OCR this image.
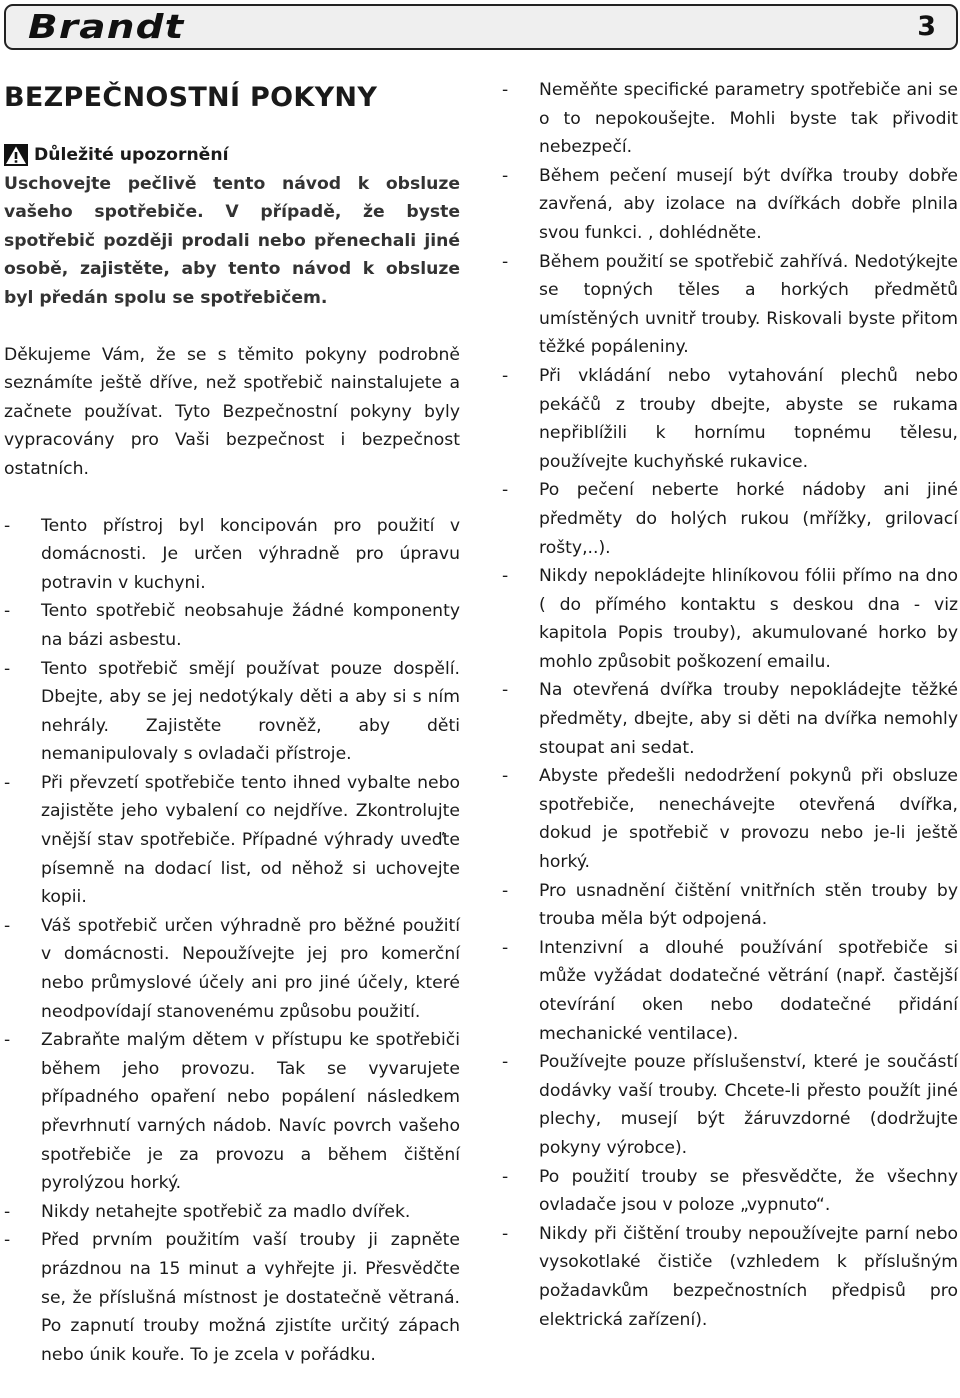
Brandt	3
BEZPEČNOSTNÍ POKYNY
Důležité upozornění

Uschovejte pečlivě tento návod k obsluze vašeho spotřebiče. V případě, že byste spotřebič později prodali nebo přenechali jiné osobě, zajistěte, aby tento návod k obsluze byl předán spolu se spotřebičem.

Děkujeme Vám, že se s těmito pokyny podrobně seznámíte ještě dříve, než spotřebič nainstalujete a začnete používat. Tyto Bezpečnostní pokyny byly vypracovány pro Vaši bezpečnost i bezpečnost ostatních.

- Tento přístroj byl koncipován pro použití v domácnosti. Je určen výhradně pro úpravu potravin v kuchyni.
- Tento spotřebič neobsahuje žádné komponenty na bázi asbestu.
- Tento spotřebič smějí používat pouze dospělí. Dbejte, aby se jej nedotýkaly děti a aby si s ním nehrály. Zajistěte rovněž, aby děti nemanipulovaly s ovladači přístroje.
- Při převzetí spotřebiče tento ihned vybalte nebo zajistěte jeho vybalení co nejdříve. Zkontrolujte vnější stav spotřebiče. Případné výhrady uveďte písemně na dodací list, od něhož si uchovejte kopii.
- Váš spotřebič určen výhradně pro běžné použití v domácnosti. Nepoužívejte jej pro komerční nebo průmyslové účely ani pro jiné účely, které neodpovídají stanovenému způsobu použití.
- Zabraňte malým dětem v přístupu ke spotřebiči během jeho provozu. Tak se vyvarujete případného opaření nebo popálení následkem převrhnutí varných nádob. Navíc povrch vašeho spotřebiče je za provozu a během čištění pyrolýzou horký.
- Nikdy netahejte spotřebič za madlo dvířek.
- Před prvním použitím vaší trouby ji zapněte prázdnou na 15 minut a vyhřejte ji. Přesvědčte se, že příslušná místnost je dostatečně větraná. Po zapnutí trouby možná zjistíte určitý zápach nebo únik kouře. To je zcela v pořádku.
- Neměňte specifické parametry spotřebiče ani se o to nepokoušejte. Mohli byste tak přivodit nebezpečí.
- Během pečení musejí být dvířka trouby dobře zavřená, aby izolace na dvířkách dobře plnila svou funkci. , dohlédněte.
- Během použití se spotřebič zahřívá. Nedotýkejte se topných těles a horkých předmětů umístěných uvnitř trouby. Riskovali byste přitom těžké popáleniny.
- Při vkládání nebo vytahování plechů nebo pekáčů z trouby dbejte, abyste se rukama nepřiblížili k hornímu topnému tělesu, používejte kuchyňské rukavice.
- Po pečení neberte horké nádoby ani jiné předměty do holých rukou (mřížky, grilovací rošty,..).
- Nikdy nepokládejte hliníkovou fólii přímo na dno ( do přímého kontaktu s deskou dna - viz kapitola Popis trouby), akumulované horko by mohlo způsobit poškození emailu.
- Na otevřená dvířka trouby nepokládejte těžké předměty, dbejte, aby si děti na dvířka nemohly stoupat ani sedat.
- Abyste předešli nedodržení pokynů při obsluze spotřebiče, nenechávejte otevřená dvířka, dokud je spotřebič v provozu nebo je-li ještě horký.
- Pro usnadnění čištění vnitřních stěn trouby by trouba měla být odpojená.
- Intenzivní a dlouhé používání spotřebiče si může vyžádat dodatečné větrání (např. častější otevírání oken nebo dodatečné přidání mechanické ventilace).
- Používejte pouze příslušenství, které je součástí dodávky vaší trouby. Chcete-li přesto použít jiné plechy, musejí být žáruvzdorné (dodržujte pokyny výrobce).
- Po použití trouby se přesvědčte, že všechny ovladače jsou v poloze „vypnuto“.
- Nikdy při čištění trouby nepoužívejte parní nebo vysokotlaké čističe (vzhledem k příslušným požadavkům bezpečnostních předpisů pro elektrická zařízení).
